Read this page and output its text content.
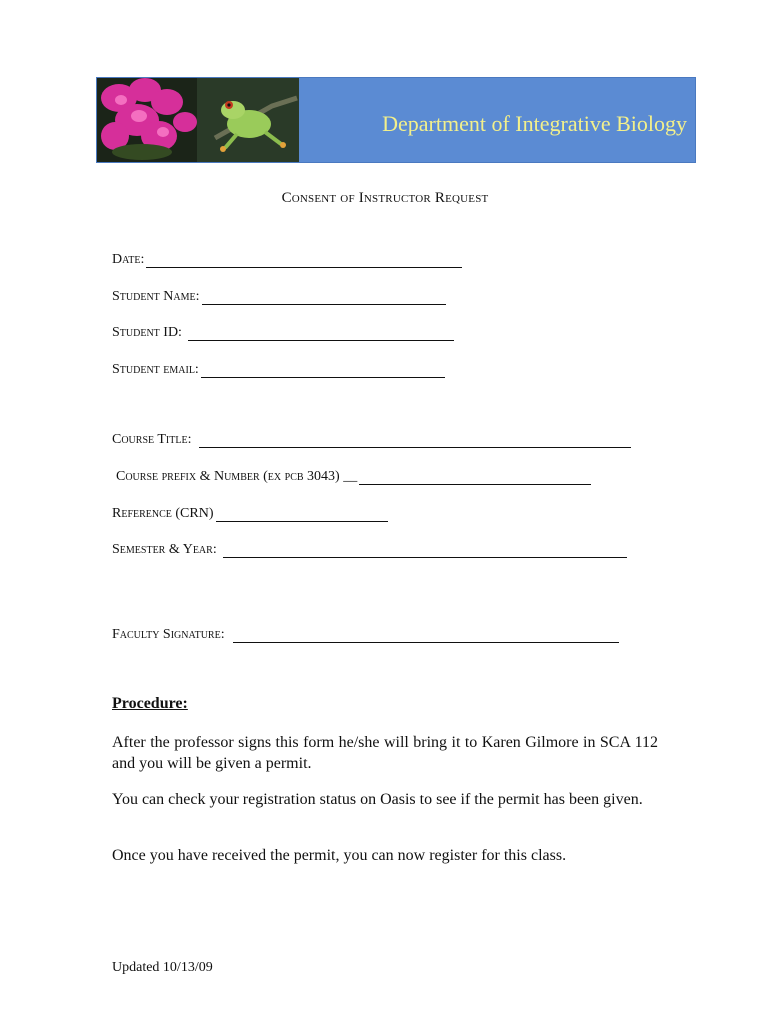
Department of Integrative Biology
Consent of Instructor Request
Date:
Student Name:
Student ID:
Student email:
Course Title:
Course prefix & Number (ex pcb 3043) __
Reference (CRN)
Semester & Year:
Faculty Signature:
Procedure:
After the professor signs this form he/she will bring it to Karen Gilmore in SCA 112 and you will be given a permit.
You can check your registration status on Oasis to see if the permit has been given.
Once you have received the permit, you can now register for this class.
Updated 10/13/09
